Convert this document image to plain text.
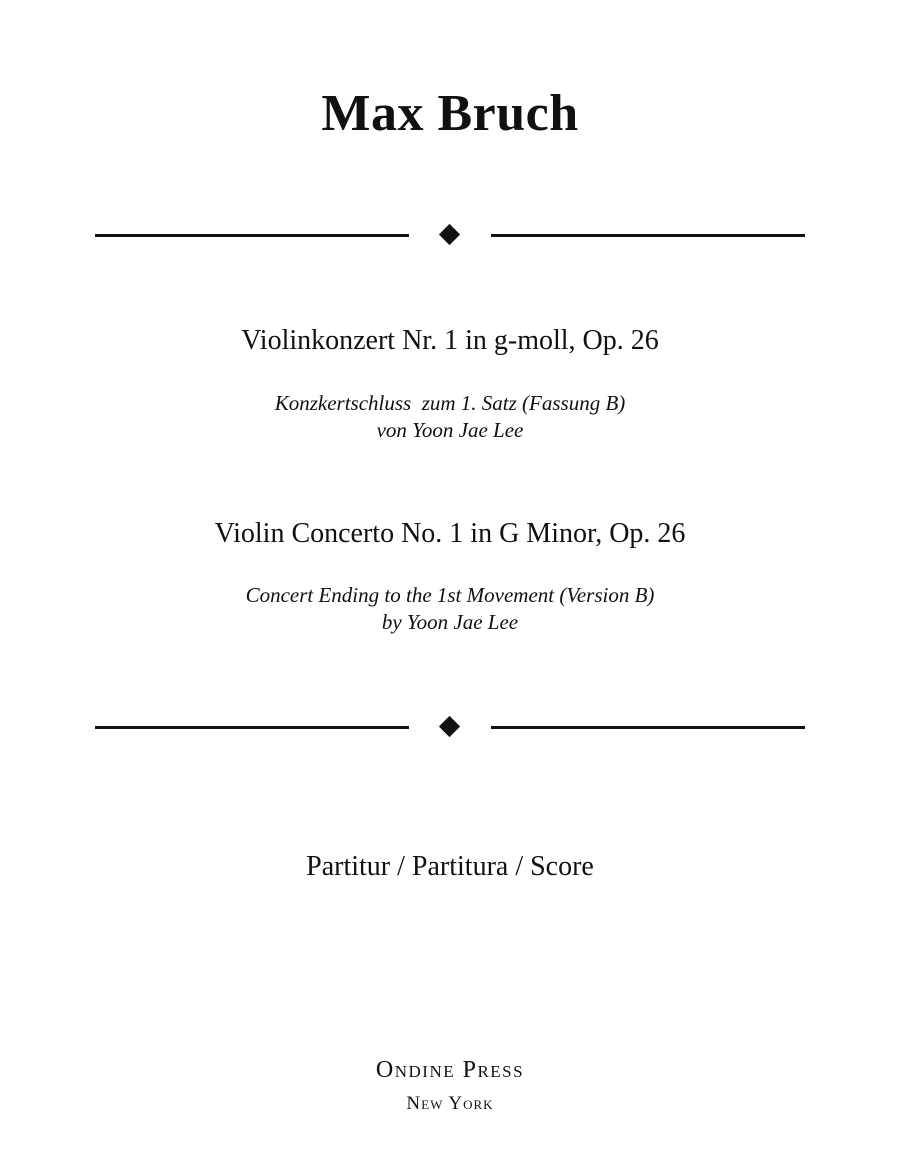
Max Bruch
Violinkonzert Nr. 1 in g-moll, Op. 26
Konzkertschluss  zum 1. Satz (Fassung B)
von Yoon Jae Lee
Violin Concerto No. 1 in G Minor, Op. 26
Concert Ending to the 1st Movement (Version B)
by Yoon Jae Lee
Partitur / Partitura / Score
Ondine Press
New York
